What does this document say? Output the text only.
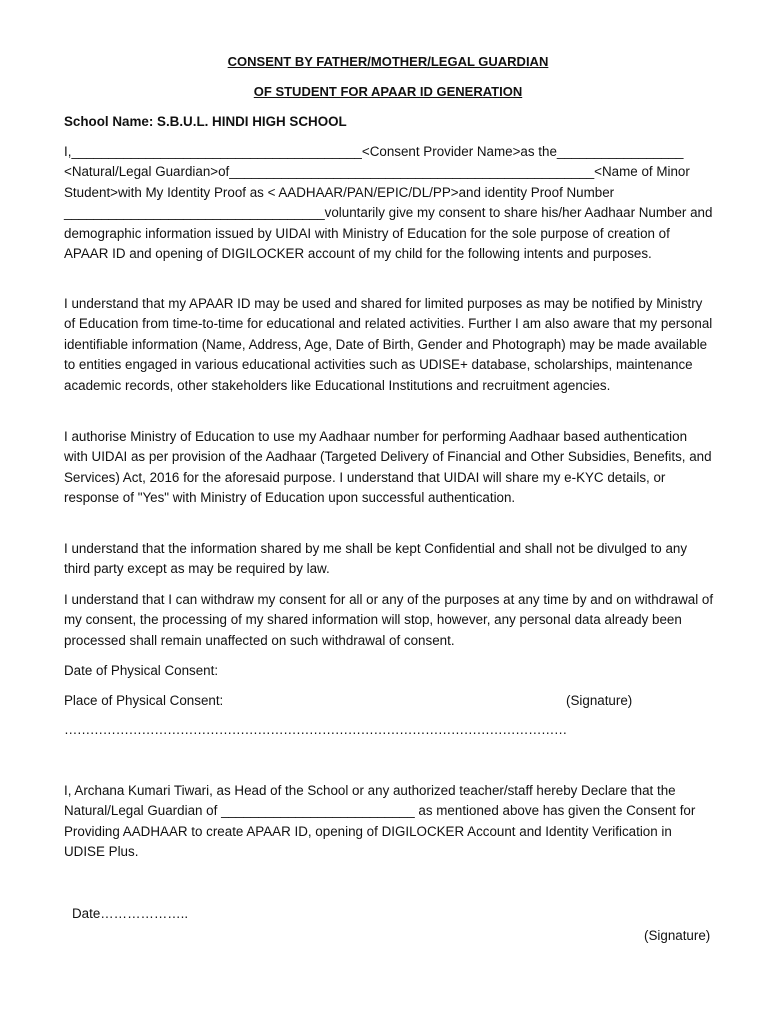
CONSENT BY FATHER/MOTHER/LEGAL GUARDIAN
OF STUDENT FOR APAAR ID GENERATION
School Name: S.B.U.L. HINDI HIGH SCHOOL

I,_______________________________________<Consent Provider Name>as the_________________ <Natural/Legal Guardian>of_________________________________________________<Name of Minor Student>with My Identity Proof as < AADHAAR/PAN/EPIC/DL/PP>and identity Proof Number ___________________________________voluntarily give my consent to share his/her Aadhaar Number and demographic information issued by UIDAI with Ministry of Education for the sole purpose of creation of APAAR ID and opening of DIGILOCKER account of my child for the following intents and purposes.

I understand that my APAAR ID may be used and shared for limited purposes as may be notified by Ministry of Education from time-to-time for educational and related activities. Further I am also aware that my personal identifiable information (Name, Address, Age, Date of Birth, Gender and Photograph) may be made available to entities engaged in various educational activities such as UDISE+ database, scholarships, maintenance academic records, other stakeholders like Educational Institutions and recruitment agencies.

I authorise Ministry of Education to use my Aadhaar number for performing Aadhaar based authentication with UIDAI as per provision of the Aadhaar (Targeted Delivery of Financial and Other Subsidies, Benefits, and Services) Act, 2016 for the aforesaid purpose. I understand that UIDAI will share my e-KYC details, or response of "Yes" with Ministry of Education upon successful authentication.

I understand that the information shared by me shall be kept Confidential and shall not be divulged to any third party except as may be required by law.

I understand that I can withdraw my consent for all or any of the purposes at any time by and on withdrawal of my consent, the processing of my shared information will stop, however, any personal data already been processed shall remain unaffected on such withdrawal of consent.

Date of Physical Consent:
Place of Physical Consent:	(Signature)
………………………………………………………………………………………………………

I, Archana Kumari Tiwari, as Head of the School or any authorized teacher/staff hereby Declare that the Natural/Legal Guardian of __________________________ as mentioned above has given the Consent for Providing AADHAAR to create APAAR ID, opening of DIGILOCKER Account and Identity Verification in UDISE Plus.

Date………………..
(Signature)
